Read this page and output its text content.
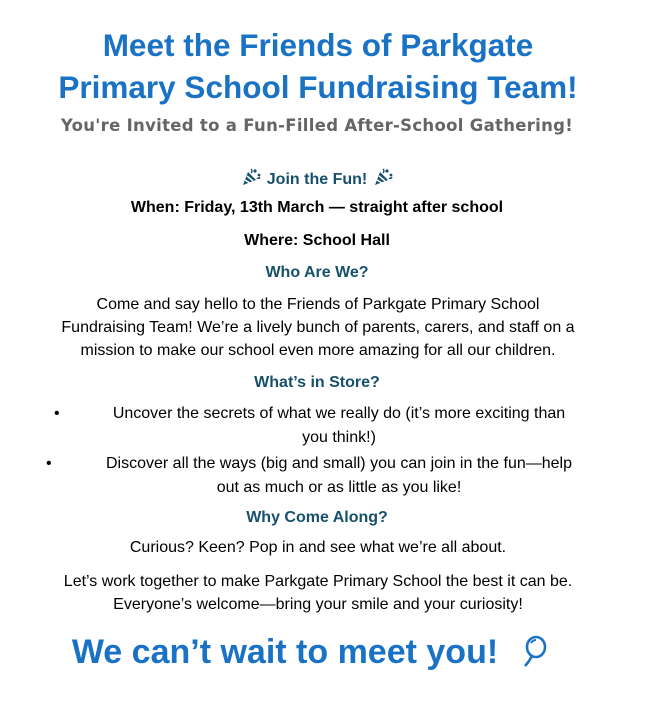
Meet the Friends of Parkgate
Primary School Fundraising Team!

You're Invited to a Fun-Filled After-School Gathering!

Join the Fun!

When: Friday, 13th March — straight after school

Where: School Hall

Who Are We?

Come and say hello to the Friends of Parkgate Primary School
Fundraising Team! We’re a lively bunch of parents, carers, and staff on a
mission to make our school even more amazing for all our children.

What’s in Store?

•	Uncover the secrets of what we really do (it’s more exciting than
you think!)
•	Discover all the ways (big and small) you can join in the fun—help
out as much or as little as you like!

Why Come Along?

Curious? Keen? Pop in and see what we’re all about.

Let’s work together to make Parkgate Primary School the best it can be.
Everyone’s welcome—bring your smile and your curiosity!

We can’t wait to meet you!
